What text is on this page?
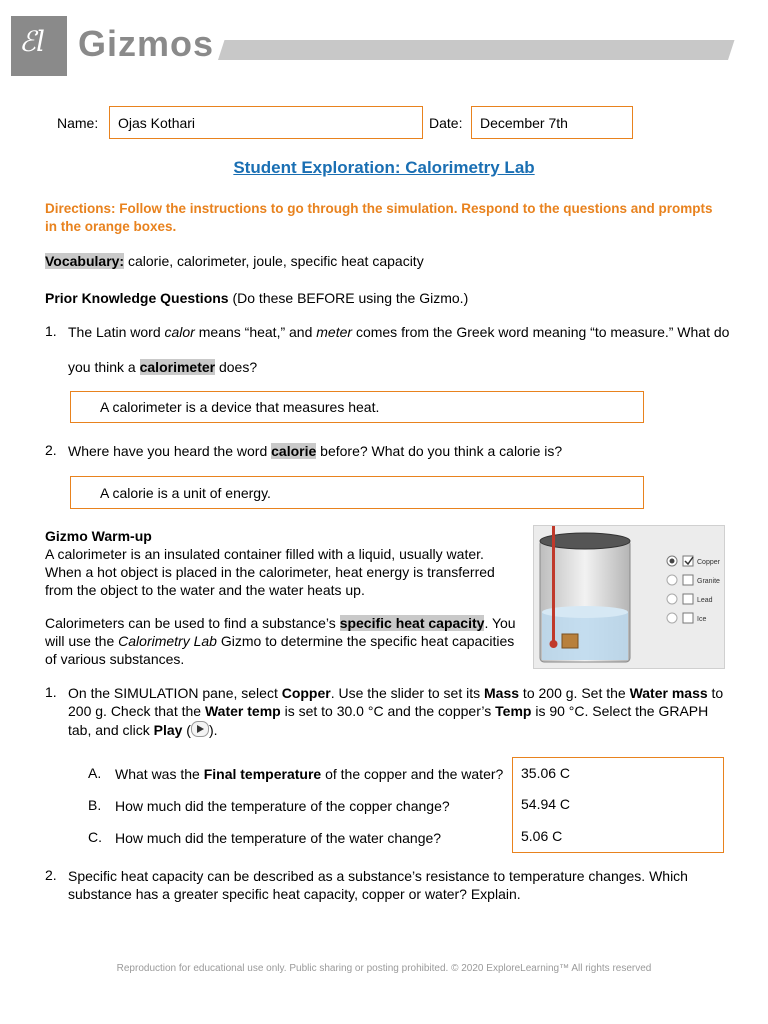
ℰl Gizmos
Name:	Ojas Kothari	Date:	December 7th
Student Exploration: Calorimetry Lab
Directions: Follow the instructions to go through the simulation. Respond to the questions and prompts in the orange boxes.
Vocabulary: calorie, calorimeter, joule, specific heat capacity
Prior Knowledge Questions (Do these BEFORE using the Gizmo.)
1. The Latin word calor means “heat,” and meter comes from the Greek word meaning “to measure.” What do
you think a calorimeter does?
A calorimeter is a device that measures heat.
2. Where have you heard the word calorie before? What do you think a calorie is?
A calorie is a unit of energy.
Gizmo Warm-up
A calorimeter is an insulated container filled with a liquid, usually water. When a hot object is placed in the calorimeter, heat energy is transferred from the object to the water and the water heats up.
Calorimeters can be used to find a substance’s specific heat capacity. You will use the Calorimetry Lab Gizmo to determine the specific heat capacities of various substances.
Copper
Granite
Lead
Ice
1. On the SIMULATION pane, select Copper. Use the slider to set its Mass to 200 g. Set the Water mass to
200 g. Check that the Water temp is set to 30.0 °C and the copper’s Temp is 90 °C. Select the GRAPH
tab, and click Play ( ).
A. What was the Final temperature of the copper and the water?	35.06 C
B. How much did the temperature of the copper change?	54.94 C
C. How much did the temperature of the water change?	5.06 C
2. Specific heat capacity can be described as a substance’s resistance to temperature changes. Which
substance has a greater specific heat capacity, copper or water? Explain.
Reproduction for educational use only. Public sharing or posting prohibited. © 2020 ExploreLearning™ All rights reserved
